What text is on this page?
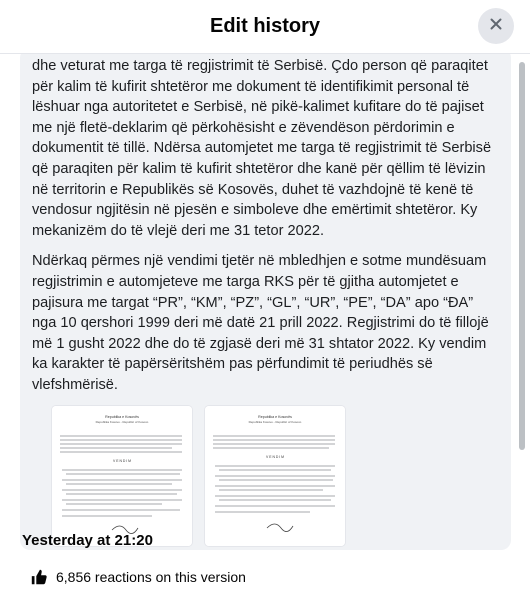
Edit history

dhe veturat me targa të regjistrimit të Serbisë. Çdo person që paraqitet për kalim të kufirit shtetëror me dokument të identifikimit personal të lëshuar nga autoritetet e Serbisë, në pikë-kalimet kufitare do të pajiset me një fletë-deklarim që përkohësisht e zëvendëson përdorimin e dokumentit të tillë. Ndërsa automjetet me targa të regjistrimit të Serbisë që paraqiten për kalim të kufirit shtetëror dhe kanë për qëllim të lëvizin në territorin e Republikës së Kosovës, duhet të vazhdojnë të kenë të vendosur ngjitësin në pjesën e simboleve dhe emërtimit shtetëror. Ky mekanizëm do të vlejë deri me 31 tetor 2022.

Ndërkaq përmes një vendimi tjetër në mbledhjen e sotme mundësuam regjistrimin e automjeteve me targa RKS për të gjitha automjetet e pajisura me targat “PR”, “KM”, “PZ”, “GL”, “UR”, “PE”, “DA” apo “ĐA” nga 10 qershori 1999 deri më datë 21 prill 2022. Regjistrimi do të fillojë më 1 gusht 2022 dhe do të zgjasë deri më 31 shtator 2022. Ky vendim ka karakter të papërsëritshëm pas përfundimit të periudhës së vlefshmërisë.

Republika e Kosovës
Republika Kosovo - Republic of Kosovo
V E N D I M
Republika e Kosovës
Republika Kosovo - Republic of Kosovo
V E N D I M
Yesterday at 21:20
6,856 reactions on this version
